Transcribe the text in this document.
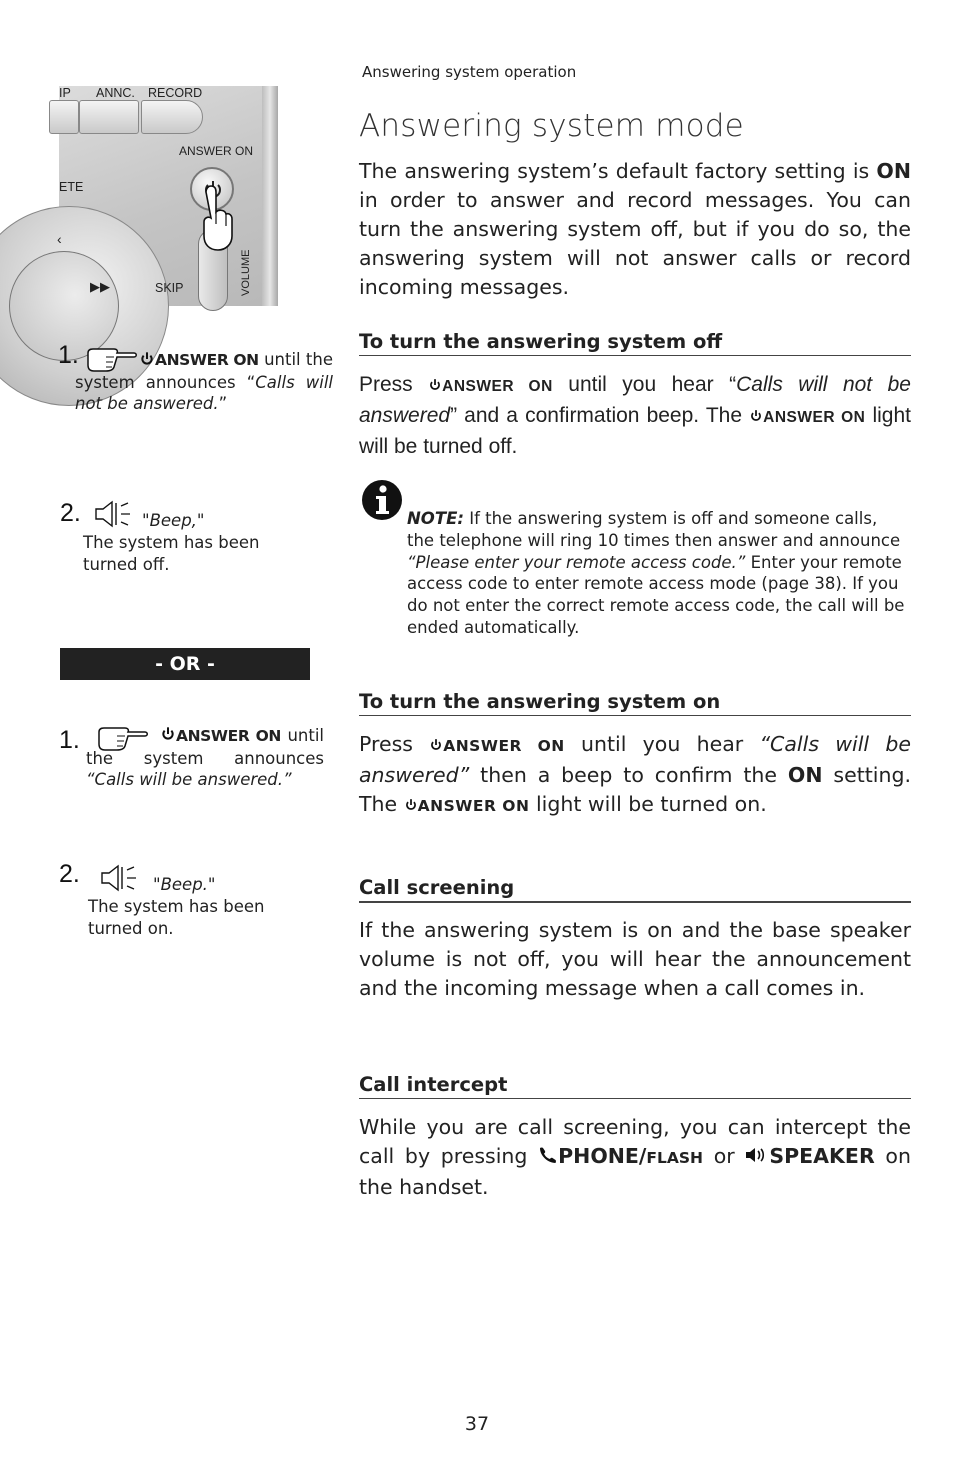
Answering system operation
Answering system mode

The answering system’s default factory setting is ON in order to answer and record messages. You can turn the answering system off, but if you do so, the answering system will not answer calls or record incoming messages.

IP ANNC. RECORD
ANSWER ON
ETE
▶▶
‹
SKIP	VOLUME
1.	ANSWER ON until the system announces “Calls will not be answered.”

2.	"Beep,"
The system has been turned off.
- OR -
1.	ANSWER ON until the system announces “Calls will be answered.”

2.	"Beep."
The system has been turned on.
To turn the answering system off

Press ANSWER ON until you hear “Calls will not be answered” and a confirmation beep. The ANSWER ON light will be turned off.

NOTE: If the answering system is off and someone calls, the telephone will ring 10 times then answer and announce “Please enter your remote access code.” Enter your remote access code to enter remote access mode (page 38). If you do not enter the correct remote access code, the call will be ended automatically.

To turn the answering system on

Press ANSWER ON until you hear “Calls will be answered” then a beep to confirm the ON setting. The ANSWER ON light will be turned on.

Call screening

If the answering system is on and the base speaker volume is not off, you will hear the announcement and the incoming message when a call comes in.

Call intercept

While you are call screening, you can intercept the call by pressing PHONE/FLASH or SPEAKER on the handset.

37
